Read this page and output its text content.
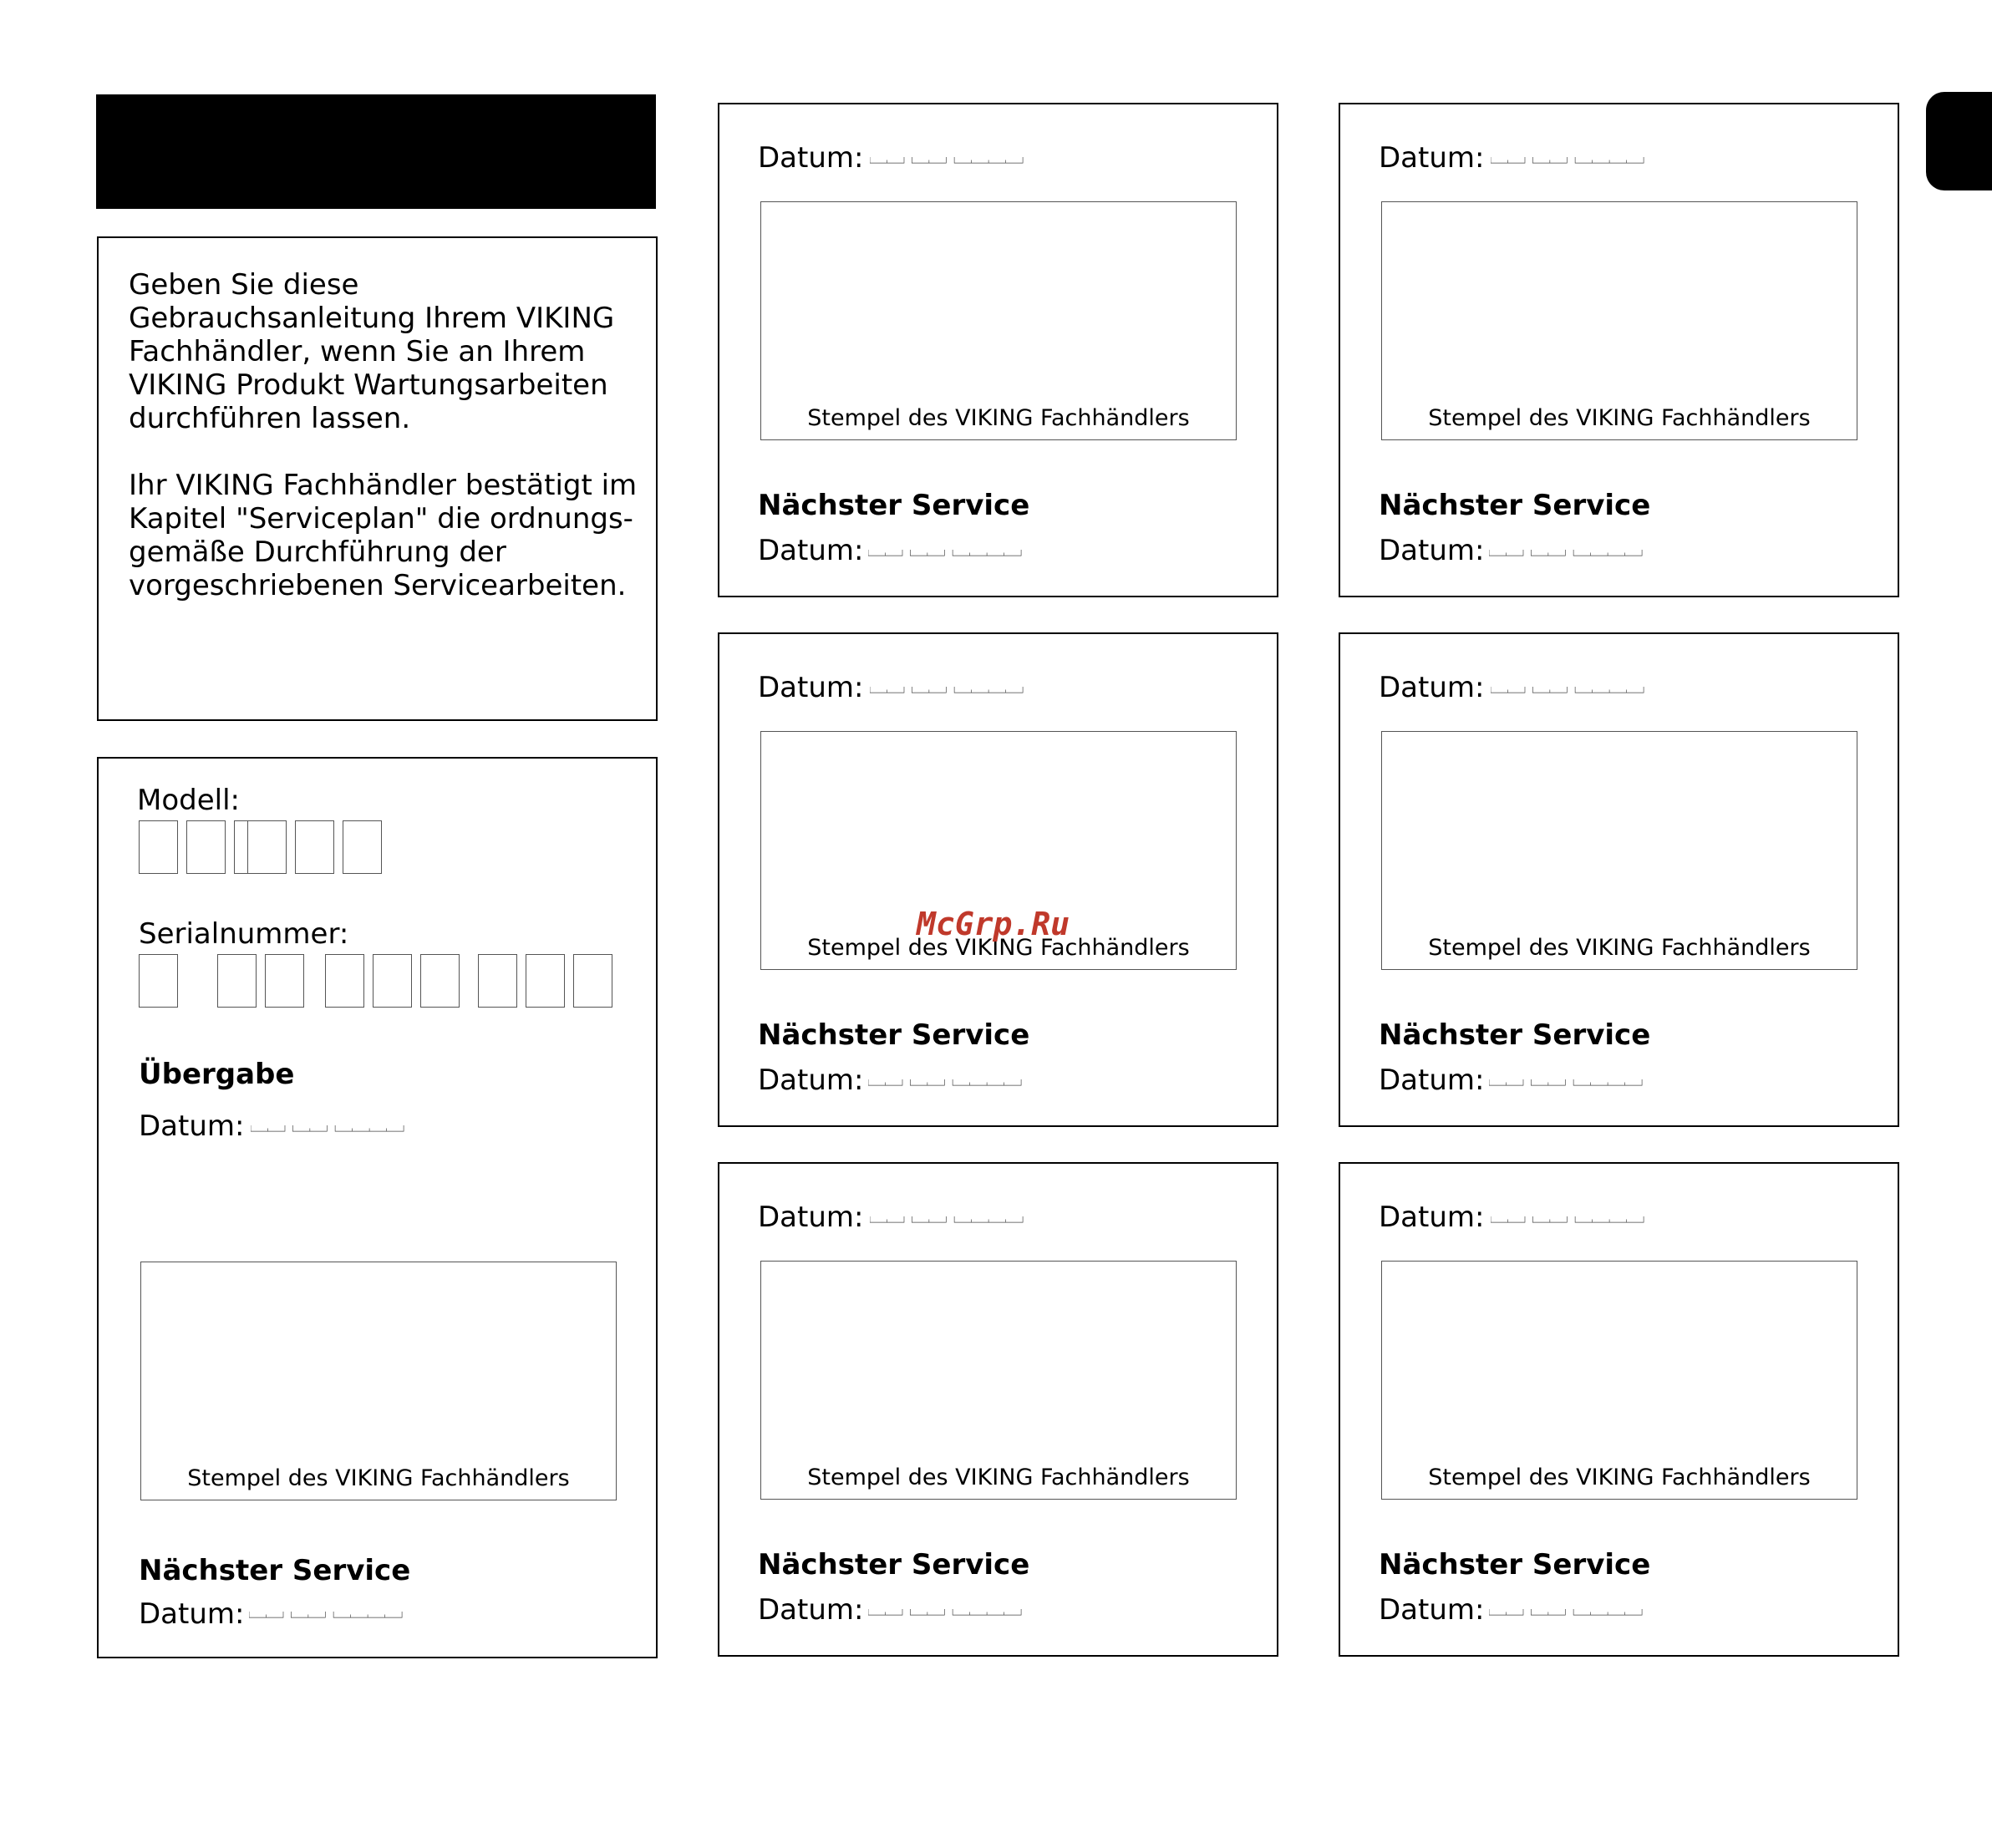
Geben Sie diese Gebrauchsanleitung Ihrem VIKING Fachhändler, wenn Sie an Ihrem VIKING Produkt Wartungsarbeiten durchführen lassen.

Ihr VIKING Fachhändler bestätigt im Kapitel "Serviceplan" die ordnungs-gemäße Durchführung der vorgeschriebenen Servicearbeiten.

Modell:
Serialnummer:
Übergabe
Datum:
Stempel des VIKING Fachhändlers
Nächster Service
Datum:
Datum:
Stempel des VIKING Fachhändlers
Nächster Service
Datum:
Datum:
Stempel des VIKING Fachhändlers
Nächster Service
Datum:
Datum:
Stempel des VIKING Fachhändlers
Nächster Service
Datum:
Datum:
Stempel des VIKING Fachhändlers
Nächster Service
Datum:
Datum:
Stempel des VIKING Fachhändlers
Nächster Service
Datum:
Datum:
Stempel des VIKING Fachhändlers
Nächster Service
Datum:
McGrp.Ru
